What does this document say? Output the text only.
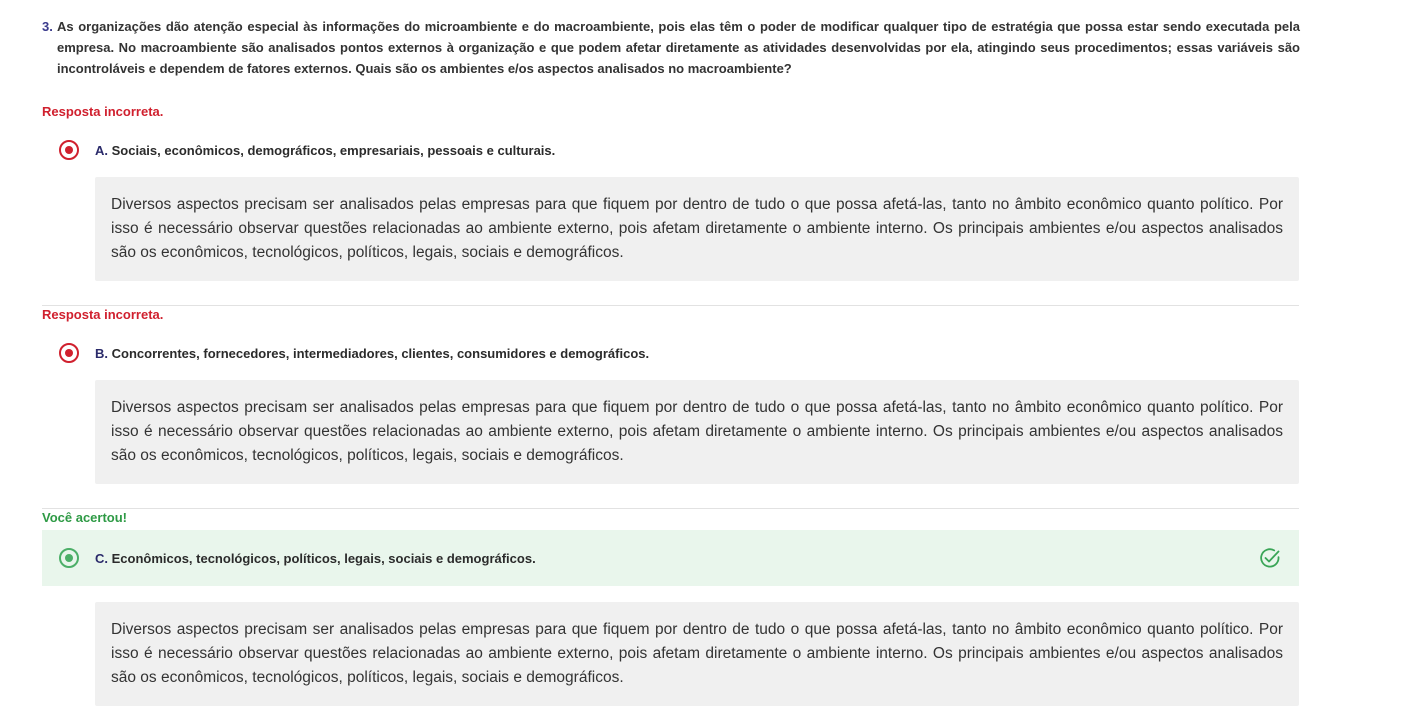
3. As organizações dão atenção especial às informações do microambiente e do macroambiente, pois elas têm o poder de modificar qualquer tipo de estratégia que possa estar sendo executada pela empresa. No macroambiente são analisados pontos externos à organização e que podem afetar diretamente as atividades desenvolvidas por ela, atingindo seus procedimentos; essas variáveis são incontroláveis e dependem de fatores externos. Quais são os ambientes e/os aspectos analisados no macroambiente?
Resposta incorreta.
A. Sociais, econômicos, demográficos, empresariais, pessoais e culturais.
Diversos aspectos precisam ser analisados pelas empresas para que fiquem por dentro de tudo o que possa afetá-las, tanto no âmbito econômico quanto político. Por isso é necessário observar questões relacionadas ao ambiente externo, pois afetam diretamente o ambiente interno. Os principais ambientes e/ou aspectos analisados são os econômicos, tecnológicos, políticos, legais, sociais e demográficos.
Resposta incorreta.
B. Concorrentes, fornecedores, intermediadores, clientes, consumidores e demográficos.
Diversos aspectos precisam ser analisados pelas empresas para que fiquem por dentro de tudo o que possa afetá-las, tanto no âmbito econômico quanto político. Por isso é necessário observar questões relacionadas ao ambiente externo, pois afetam diretamente o ambiente interno. Os principais ambientes e/ou aspectos analisados são os econômicos, tecnológicos, políticos, legais, sociais e demográficos.
Você acertou!
C. Econômicos, tecnológicos, políticos, legais, sociais e demográficos.
Diversos aspectos precisam ser analisados pelas empresas para que fiquem por dentro de tudo o que possa afetá-las, tanto no âmbito econômico quanto político. Por isso é necessário observar questões relacionadas ao ambiente externo, pois afetam diretamente o ambiente interno. Os principais ambientes e/ou aspectos analisados são os econômicos, tecnológicos, políticos, legais, sociais e demográficos.
